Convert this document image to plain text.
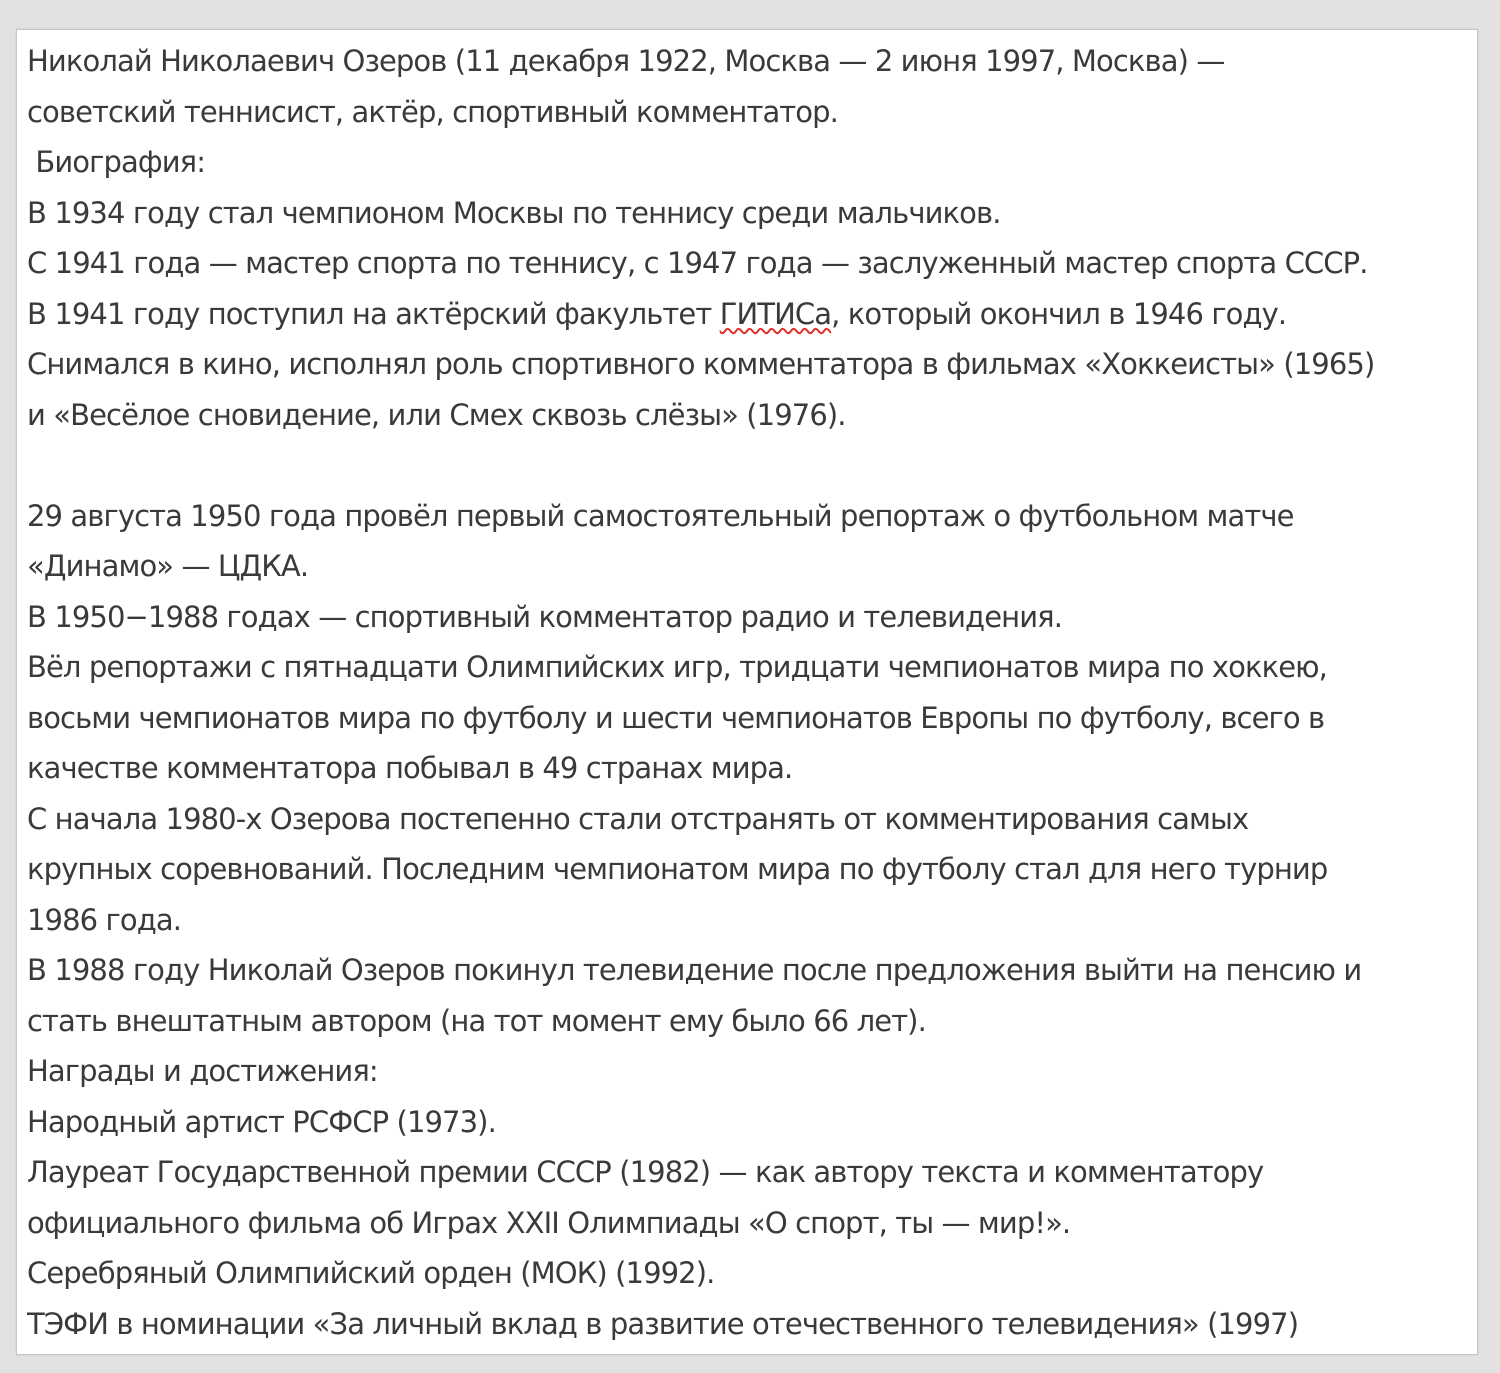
Николай Николаевич Озеров (11 декабря 1922, Москва — 2 июня 1997, Москва) —
советский теннисист, актёр, спортивный комментатор.
Биография:
В 1934 году стал чемпионом Москвы по теннису среди мальчиков.
С 1941 года — мастер спорта по теннису, с 1947 года — заслуженный мастер спорта СССР.
В 1941 году поступил на актёрский факультет ГИТИСа, который окончил в 1946 году.
Снимался в кино, исполнял роль спортивного комментатора в фильмах «Хоккеисты» (1965)
и «Весёлое сновидение, или Смех сквозь слёзы» (1976).
29 августа 1950 года провёл первый самостоятельный репортаж о футбольном матче
«Динамо» — ЦДКА.
В 1950−1988 годах — спортивный комментатор радио и телевидения.
Вёл репортажи с пятнадцати Олимпийских игр, тридцати чемпионатов мира по хоккею,
восьми чемпионатов мира по футболу и шести чемпионатов Европы по футболу, всего в
качестве комментатора побывал в 49 странах мира.
С начала 1980-х Озерова постепенно стали отстранять от комментирования самых
крупных соревнований. Последним чемпионатом мира по футболу стал для него турнир
1986 года.
В 1988 году Николай Озеров покинул телевидение после предложения выйти на пенсию и
стать внештатным автором (на тот момент ему было 66 лет).
Награды и достижения:
Народный артист РСФСР (1973).
Лауреат Государственной премии СССР (1982) — как автору текста и комментатору
официального фильма об Играх XXII Олимпиады «О спорт, ты — мир!».
Серебряный Олимпийский орден (МОК) (1992).
ТЭФИ в номинации «За личный вклад в развитие отечественного телевидения» (1997)
